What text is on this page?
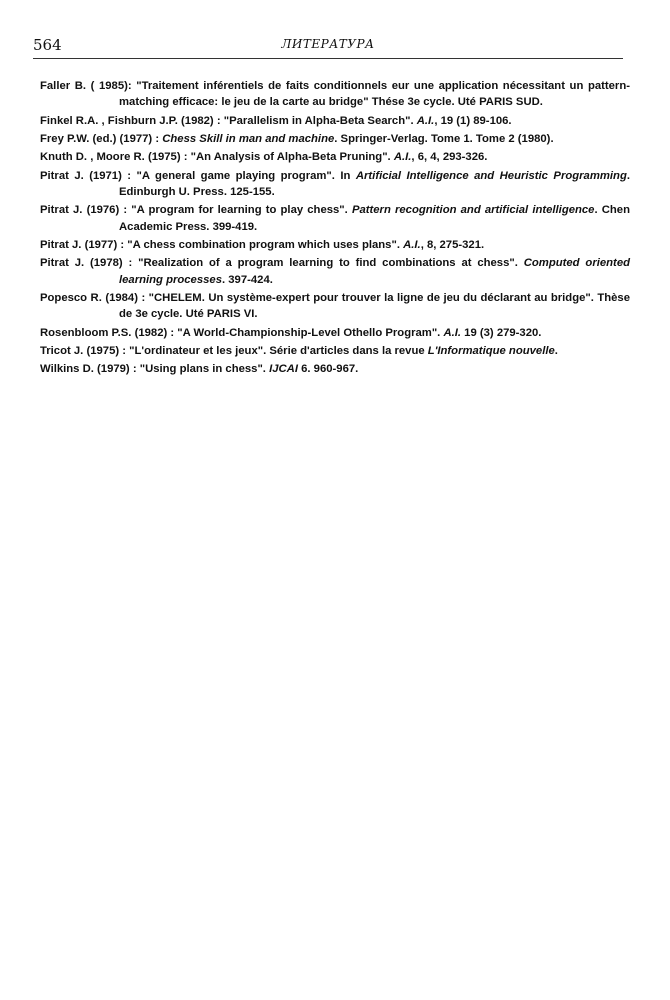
564	ЛИТЕРАТУРА

Faller B. ( 1985): "Traitement inférentiels de faits conditionnels eur une application nécessitant un pattern-matching efficace: le jeu de la carte au bridge" Thése 3e cycle. Uté PARIS SUD.

Finkel R.A. , Fishburn J.P. (1982) : "Parallelism in Alpha-Beta Search". A.I., 19 (1) 89-106.

Frey P.W. (ed.) (1977) : Chess Skill in man and machine. Springer-Verlag. Tome 1. Tome 2 (1980).

Knuth D. , Moore R. (1975) : "An Analysis of Alpha-Beta Pruning". A.I., 6, 4, 293-326.

Pitrat J. (1971) : "A general game playing program". In Artificial Intelligence and Heuristic Programming. Edinburgh U. Press. 125-155.

Pitrat J. (1976) : "A program for learning to play chess". Pattern recognition and artificial intelligence. Chen Academic Press. 399-419.

Pitrat J. (1977) : "A chess combination program which uses plans". A.I., 8, 275-321.

Pitrat J. (1978) : "Realization of a program learning to find combinations at chess". Computed oriented learning processes. 397-424.

Popesco R. (1984) : "CHELEM. Un système-expert pour trouver la ligne de jeu du déclarant au bridge". Thèse de 3e cycle. Uté PARIS VI.

Rosenbloom P.S. (1982) : "A World-Championship-Level Othello Program". A.I. 19 (3) 279-320.

Tricot J. (1975) : "L'ordinateur et les jeux". Série d'articles dans la revue L'Informatique nouvelle.

Wilkins D. (1979) : "Using plans in chess". IJCAI 6. 960-967.
